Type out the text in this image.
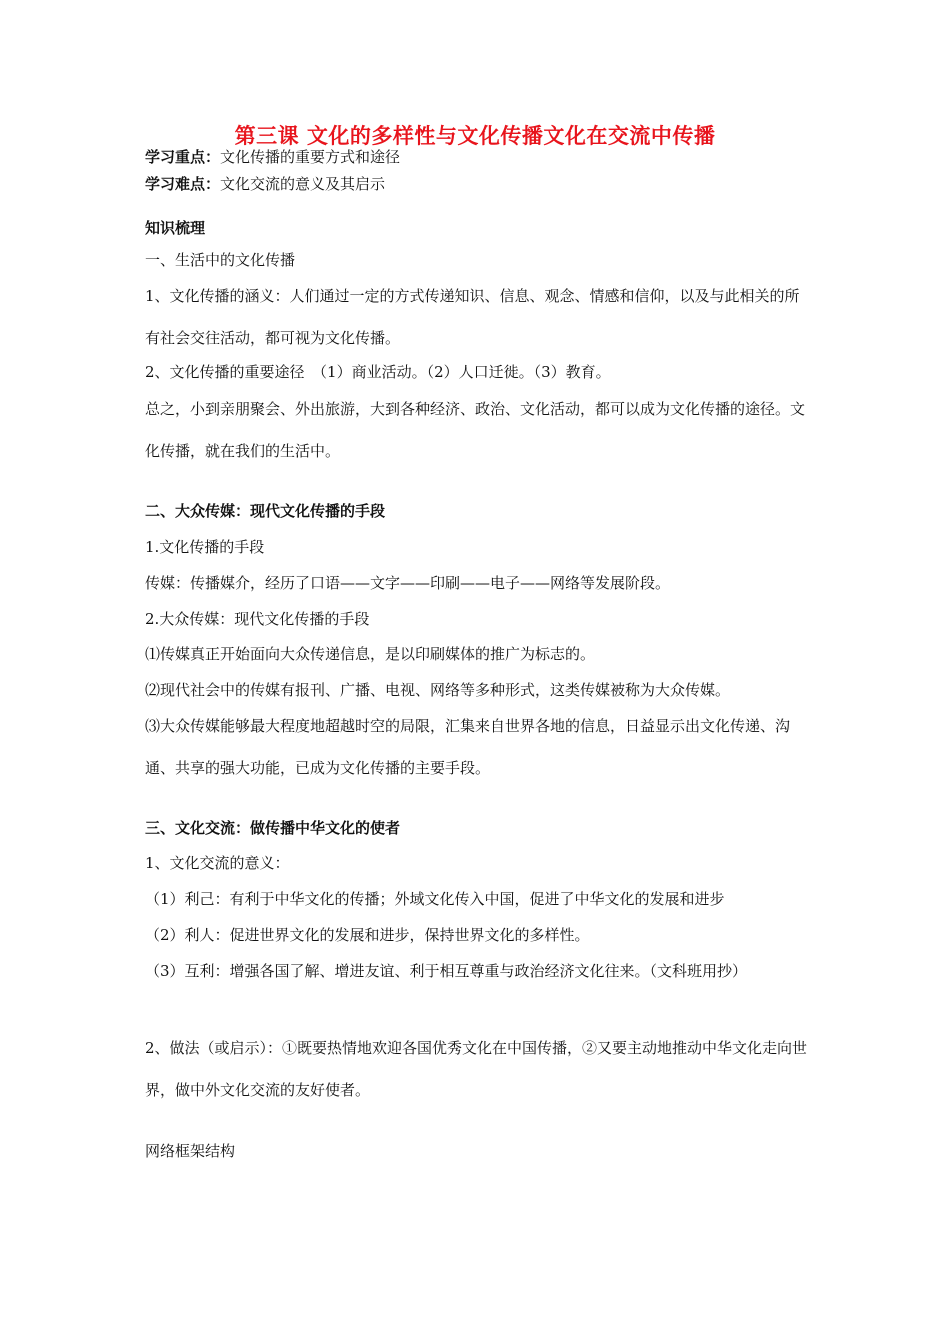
第三课 文化的多样性与文化传播文化在交流中传播
学习重点：文化传播的重要方式和途径
学习难点：文化交流的意义及其启示
知识梳理
一、生活中的文化传播
1、文化传播的涵义：人们通过一定的方式传递知识、信息、观念、情感和信仰，以及与此相关的所有社会交往活动，都可视为文化传播。
2、文化传播的重要途径　（1）商业活动。（2）人口迁徙。（3）教育。
总之，小到亲朋聚会、外出旅游，大到各种经济、政治、文化活动，都可以成为文化传播的途径。文化传播，就在我们的生活中。
二、大众传媒：现代文化传播的手段
1.文化传播的手段
传媒：传播媒介，经历了口语——文字——印刷——电子——网络等发展阶段。
2.大众传媒：现代文化传播的手段
⑴传媒真正开始面向大众传递信息，是以印刷媒体的推广为标志的。
⑵现代社会中的传媒有报刊、广播、电视、网络等多种形式，这类传媒被称为大众传媒。
⑶大众传媒能够最大程度地超越时空的局限，汇集来自世界各地的信息，日益显示出文化传递、沟通、共享的强大功能，已成为文化传播的主要手段。
三、文化交流：做传播中华文化的使者
1、文化交流的意义：
（1）利己：有利于中华文化的传播；外域文化传入中国，促进了中华文化的发展和进步
（2）利人：促进世界文化的发展和进步，保持世界文化的多样性。
（3）互利：增强各国了解、增进友谊、利于相互尊重与政治经济文化往来。（文科班用抄）
2、做法（或启示）：①既要热情地欢迎各国优秀文化在中国传播，②又要主动地推动中华文化走向世界，做中外文化交流的友好使者。
网络框架结构
